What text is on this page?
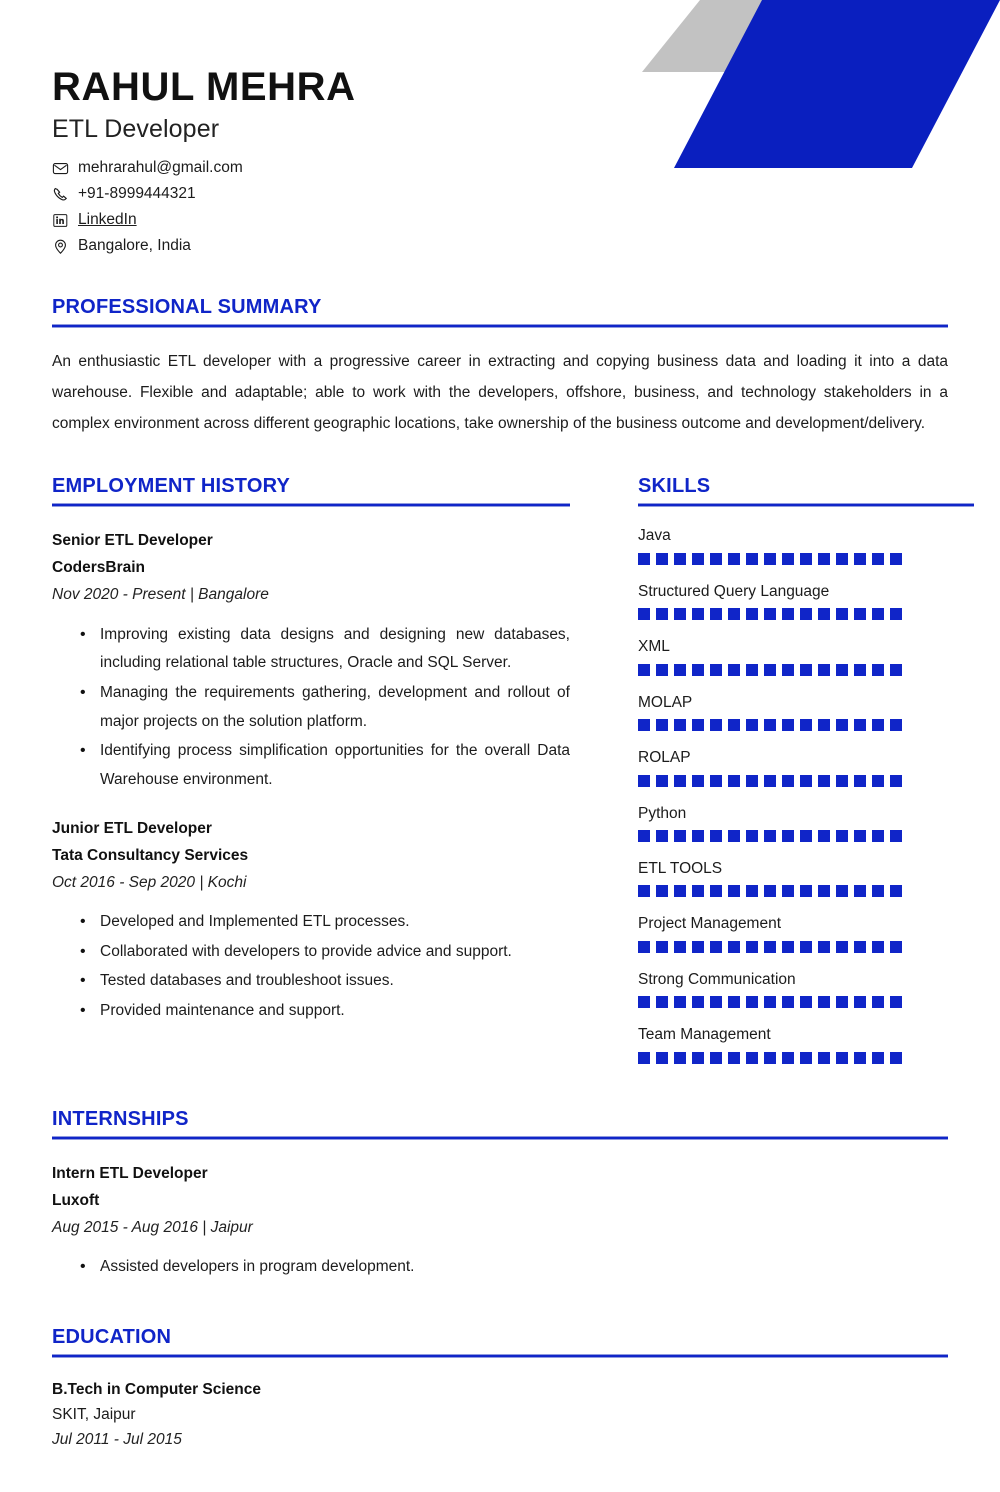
RAHUL MEHRA
ETL Developer
mehrarahul@gmail.com
+91-8999444321
LinkedIn
Bangalore, India
PROFESSIONAL SUMMARY

An enthusiastic ETL developer with a progressive career in extracting and copying business data and loading it into a data warehouse. Flexible and adaptable; able to work with the developers, offshore, business, and technology stakeholders in a complex environment across different geographic locations, take ownership of the business outcome and development/delivery.

EMPLOYMENT HISTORY
Senior ETL Developer
CodersBrain
Nov 2020 - Present | Bangalore
• Improving existing data designs and designing new databases, including relational table structures, Oracle and SQL Server.
• Managing the requirements gathering, development and rollout of major projects on the solution platform.
• Identifying process simplification opportunities for the overall Data Warehouse environment.
Junior ETL Developer
Tata Consultancy Services
Oct 2016 - Sep 2020 | Kochi
• Developed and Implemented ETL processes.
• Collaborated with developers to provide advice and support.
• Tested databases and troubleshoot issues.
• Provided maintenance and support.
SKILLS
Java
Structured Query Language
XML
MOLAP
ROLAP
Python
ETL TOOLS
Project Management
Strong Communication
Team Management
INTERNSHIPS
Intern ETL Developer
Luxoft
Aug 2015 - Aug 2016 | Jaipur
• Assisted developers in program development.
EDUCATION
B.Tech in Computer Science
SKIT, Jaipur
Jul 2011 - Jul 2015
